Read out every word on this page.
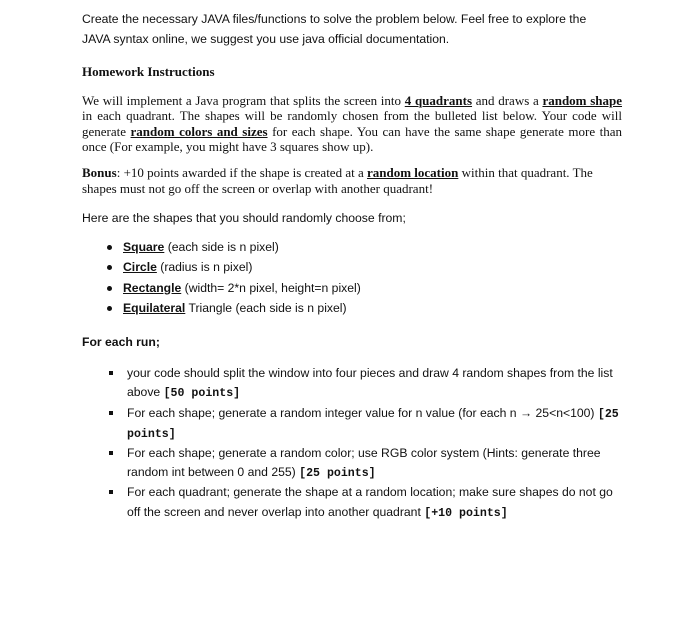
Create the necessary JAVA files/functions to solve the problem below. Feel free to explore the
JAVA syntax online, we suggest you use java official documentation.

Homework Instructions

We will implement a Java program that splits the screen into 4 quadrants and draws a random shape in each quadrant. The shapes will be randomly chosen from the bulleted list below. Your code will generate random colors and sizes for each shape. You can have the same shape generate more than once (For example, you might have 3 squares show up).

Bonus: +10 points awarded if the shape is created at a random location within that quadrant. The shapes must not go off the screen or overlap with another quadrant!

Here are the shapes that you should randomly choose from;

Square (each side is n pixel)
Circle (radius is n pixel)
Rectangle (width= 2*n pixel, height=n pixel)
Equilateral Triangle (each side is n pixel)

For each run;

your code should split the window into four pieces and draw 4 random shapes from the list above [50 points]
For each shape; generate a random integer value for n value (for each n → 25<n<100) [25 points]
For each shape; generate a random color; use RGB color system (Hints: generate three random int between 0 and 255) [25 points]
For each quadrant; generate the shape at a random location; make sure shapes do not go off the screen and never overlap into another quadrant [+10 points]
